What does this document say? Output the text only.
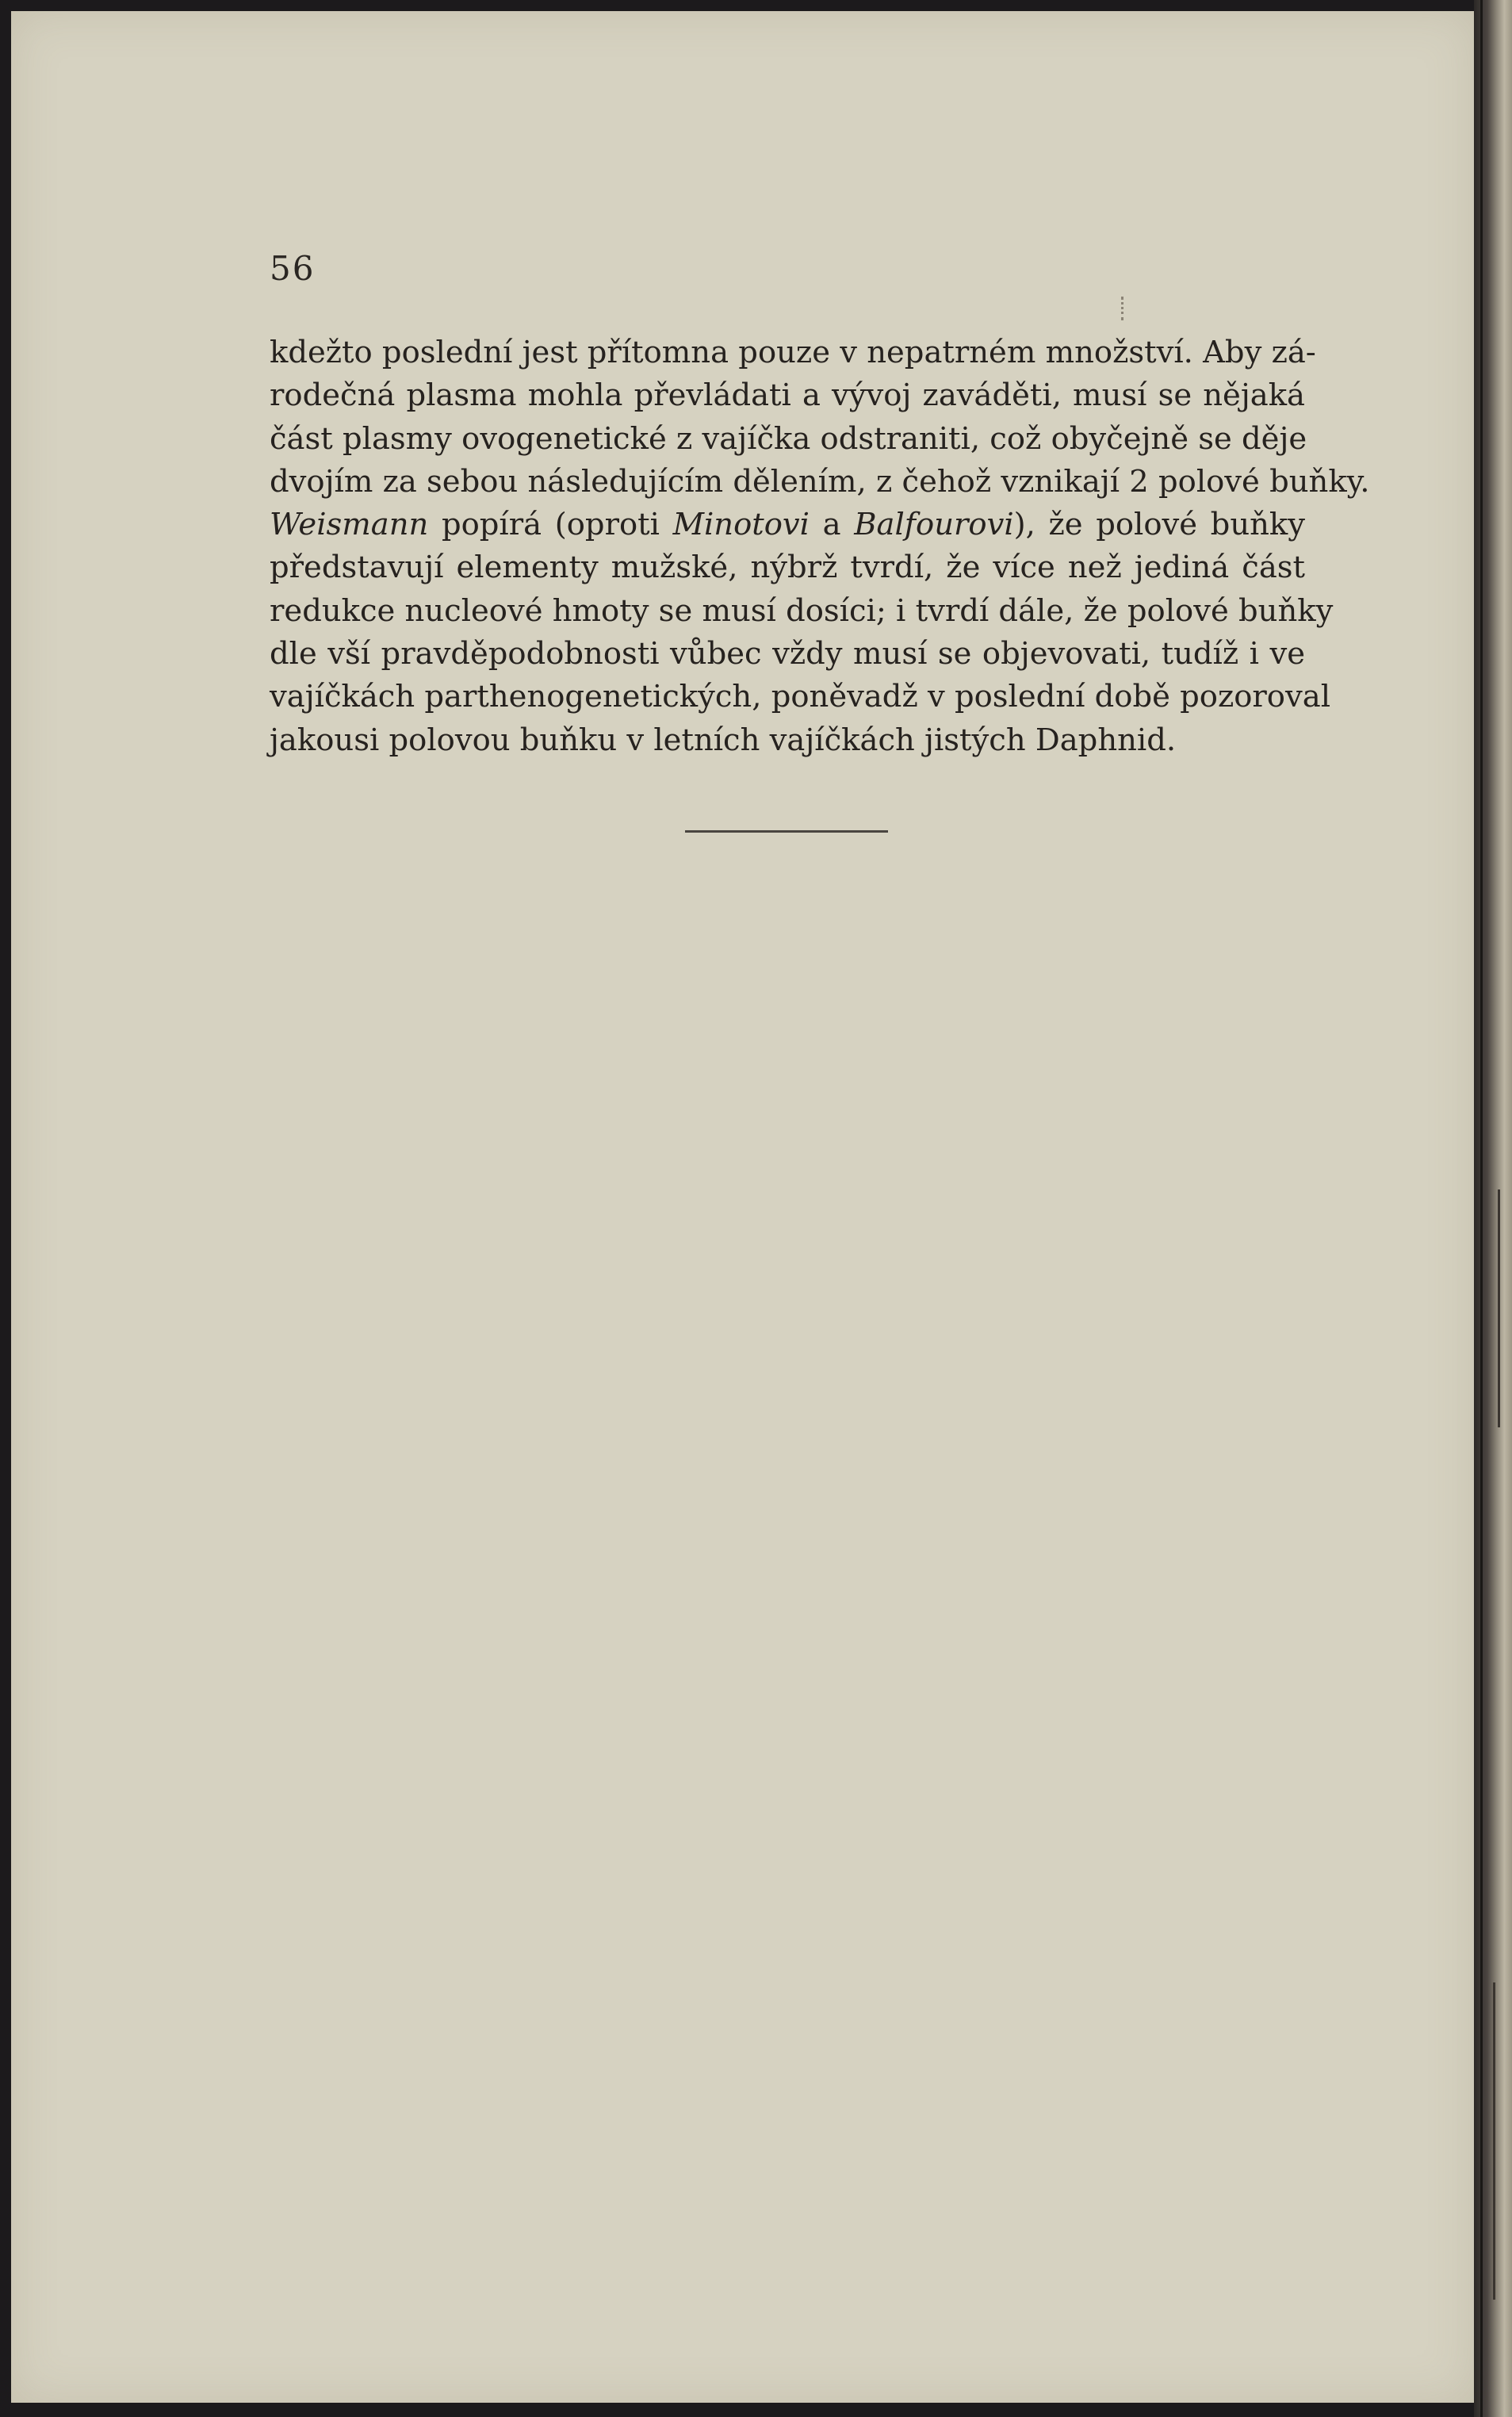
56
kdežto poslední jest přítomna pouze v nepatrném množství. Aby zá-
rodečná plasma mohla převládati a vývoj zaváděti, musí se nějaká
část plasmy ovogenetické z vajíčka odstraniti, což obyčejně se děje
dvojím za sebou následujícím dělením, z čehož vznikají 2 polové buňky.
Weismann popírá (oproti Minotovi a Balfourovi), že polové buňky
představují elementy mužské, nýbrž tvrdí, že více než jediná část
redukce nucleové hmoty se musí dosíci; i tvrdí dále, že polové buňky
dle vší pravděpodobnosti vůbec vždy musí se objevovati, tudíž i ve
vajíčkách parthenogenetických, poněvadž v poslední době pozoroval
jakousi polovou buňku v letních vajíčkách jistých Daphnid.
